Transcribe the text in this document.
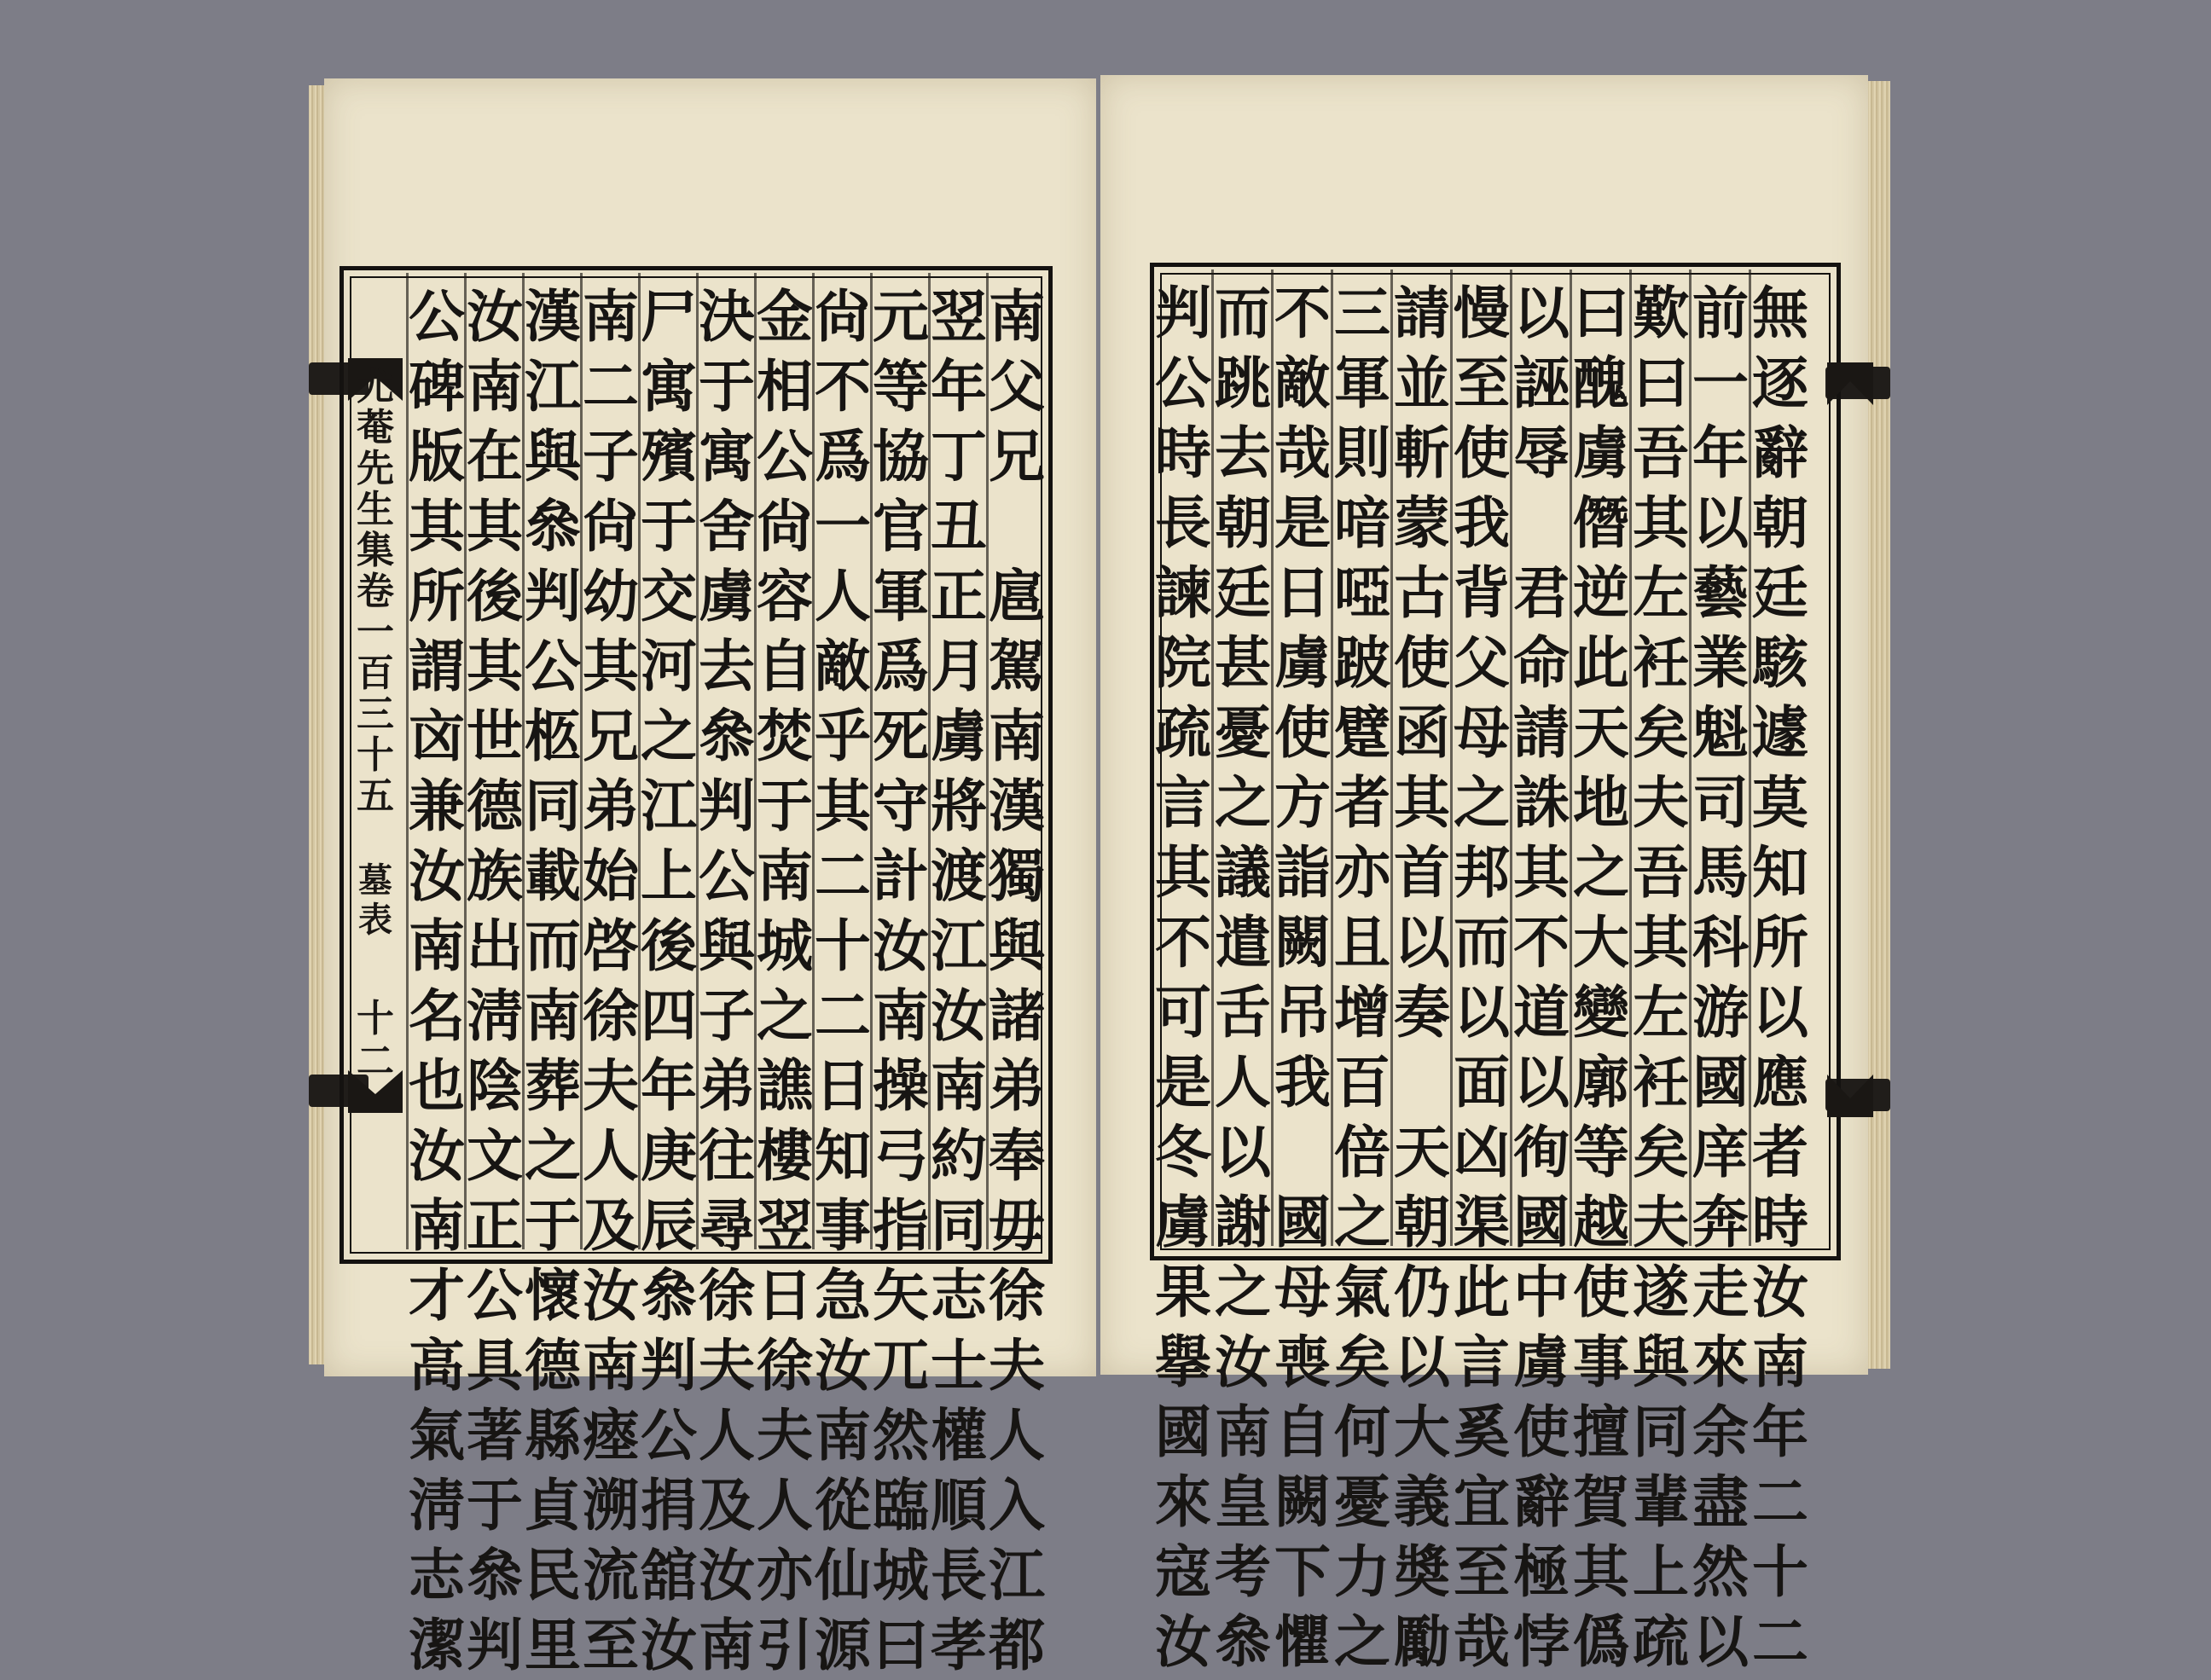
尤
菴
先
生
集
卷
一
百
三
十
五
墓
表
十
二
南
父
兄

扈
駕
南
漢
獨
與
諸
弟
奉
毋
徐
夫
人
入
江
都
翌
年
丁
丑
正
月
虜
將
渡
江
汝
南
約
同
志
士
權
順
長
孝
元
等
協
官
軍
爲
死
守
計
汝
南
操
弓
指
矢
兀
然
臨
城
曰
尙
不
爲
一
人
敵
乎
其
二
十
二
日
知
事
急
汝
南
從
仙
源
金
相
公
尙
容
自
焚
于
南
城
之
譙
樓
翌
日
徐
夫
人
亦
引
決
于
寓
舍
虜
去
叅
判
公
與
子
弟
往
尋
徐
夫
人
及
汝
南
尸
寓
殯
于
交
河
之
江
上
後
四
年
庚
辰
叅
判
公
捐
舘
汝
南
二
子
尙
幼
其
兄
弟
始
啓
徐
夫
人
及
汝
南
瘞
溯
流
至
漢
江
與
叅
判
公
柩
同
載
而
南
葬
之
于
懷
德
縣
貞
民
里
汝
南
在
其
後
其
世
德
族
出
淸
陰
文
正
公
具
著
于
叅
判
公
碑
版
其
所
謂
㐫
兼
汝
南
名
也
汝
南
才
高
氣
淸
志
潔
無
逐
辭
朝
廷
駭
遽
莫
知
所
以
應
者
時
汝
南
年
二
十
二
前
一
年
以
藝
業
魁
司
馬
科
游
國
庠
奔
走
來
余
盡
然
以
歎
曰
吾
其
左
衽
矣
夫
吾
其
左
衽
矣
夫
遂
與
同
輩
上
疏
曰
醜
虜
僭
逆
此
天
地
之
大
變
廓
等
越
使
事
擅
賀
其
僞
以
誣
辱

君
命
請
誅
其
不
道
以
徇
國
中
虜
使
辭
極
悖
慢
至
使
我
背
父
母
之
邦
而
以
面
凶
渠
此
言
奚
宜
至
哉
請
並
斬
蒙
古
使
函
其
首
以
奏

天
朝
仍
以
大
義
奬
勵
三
軍
則
喑
啞
跛
躄
者
亦
且
增
百
倍
之
氣
矣
何
憂
力
之
不
敵
哉
是
日
虜
使
方
詣
闕
吊
我

國
母
喪
自
闕
下
懼
而
跳
去
朝
廷
甚
憂
之
議
遣
舌
人
以
謝
之
汝
南
皇
考
叅
判
公
時
長
諫
院
疏
言
其
不
可
是
冬
虜
果
擧
國
來
寇
汝
